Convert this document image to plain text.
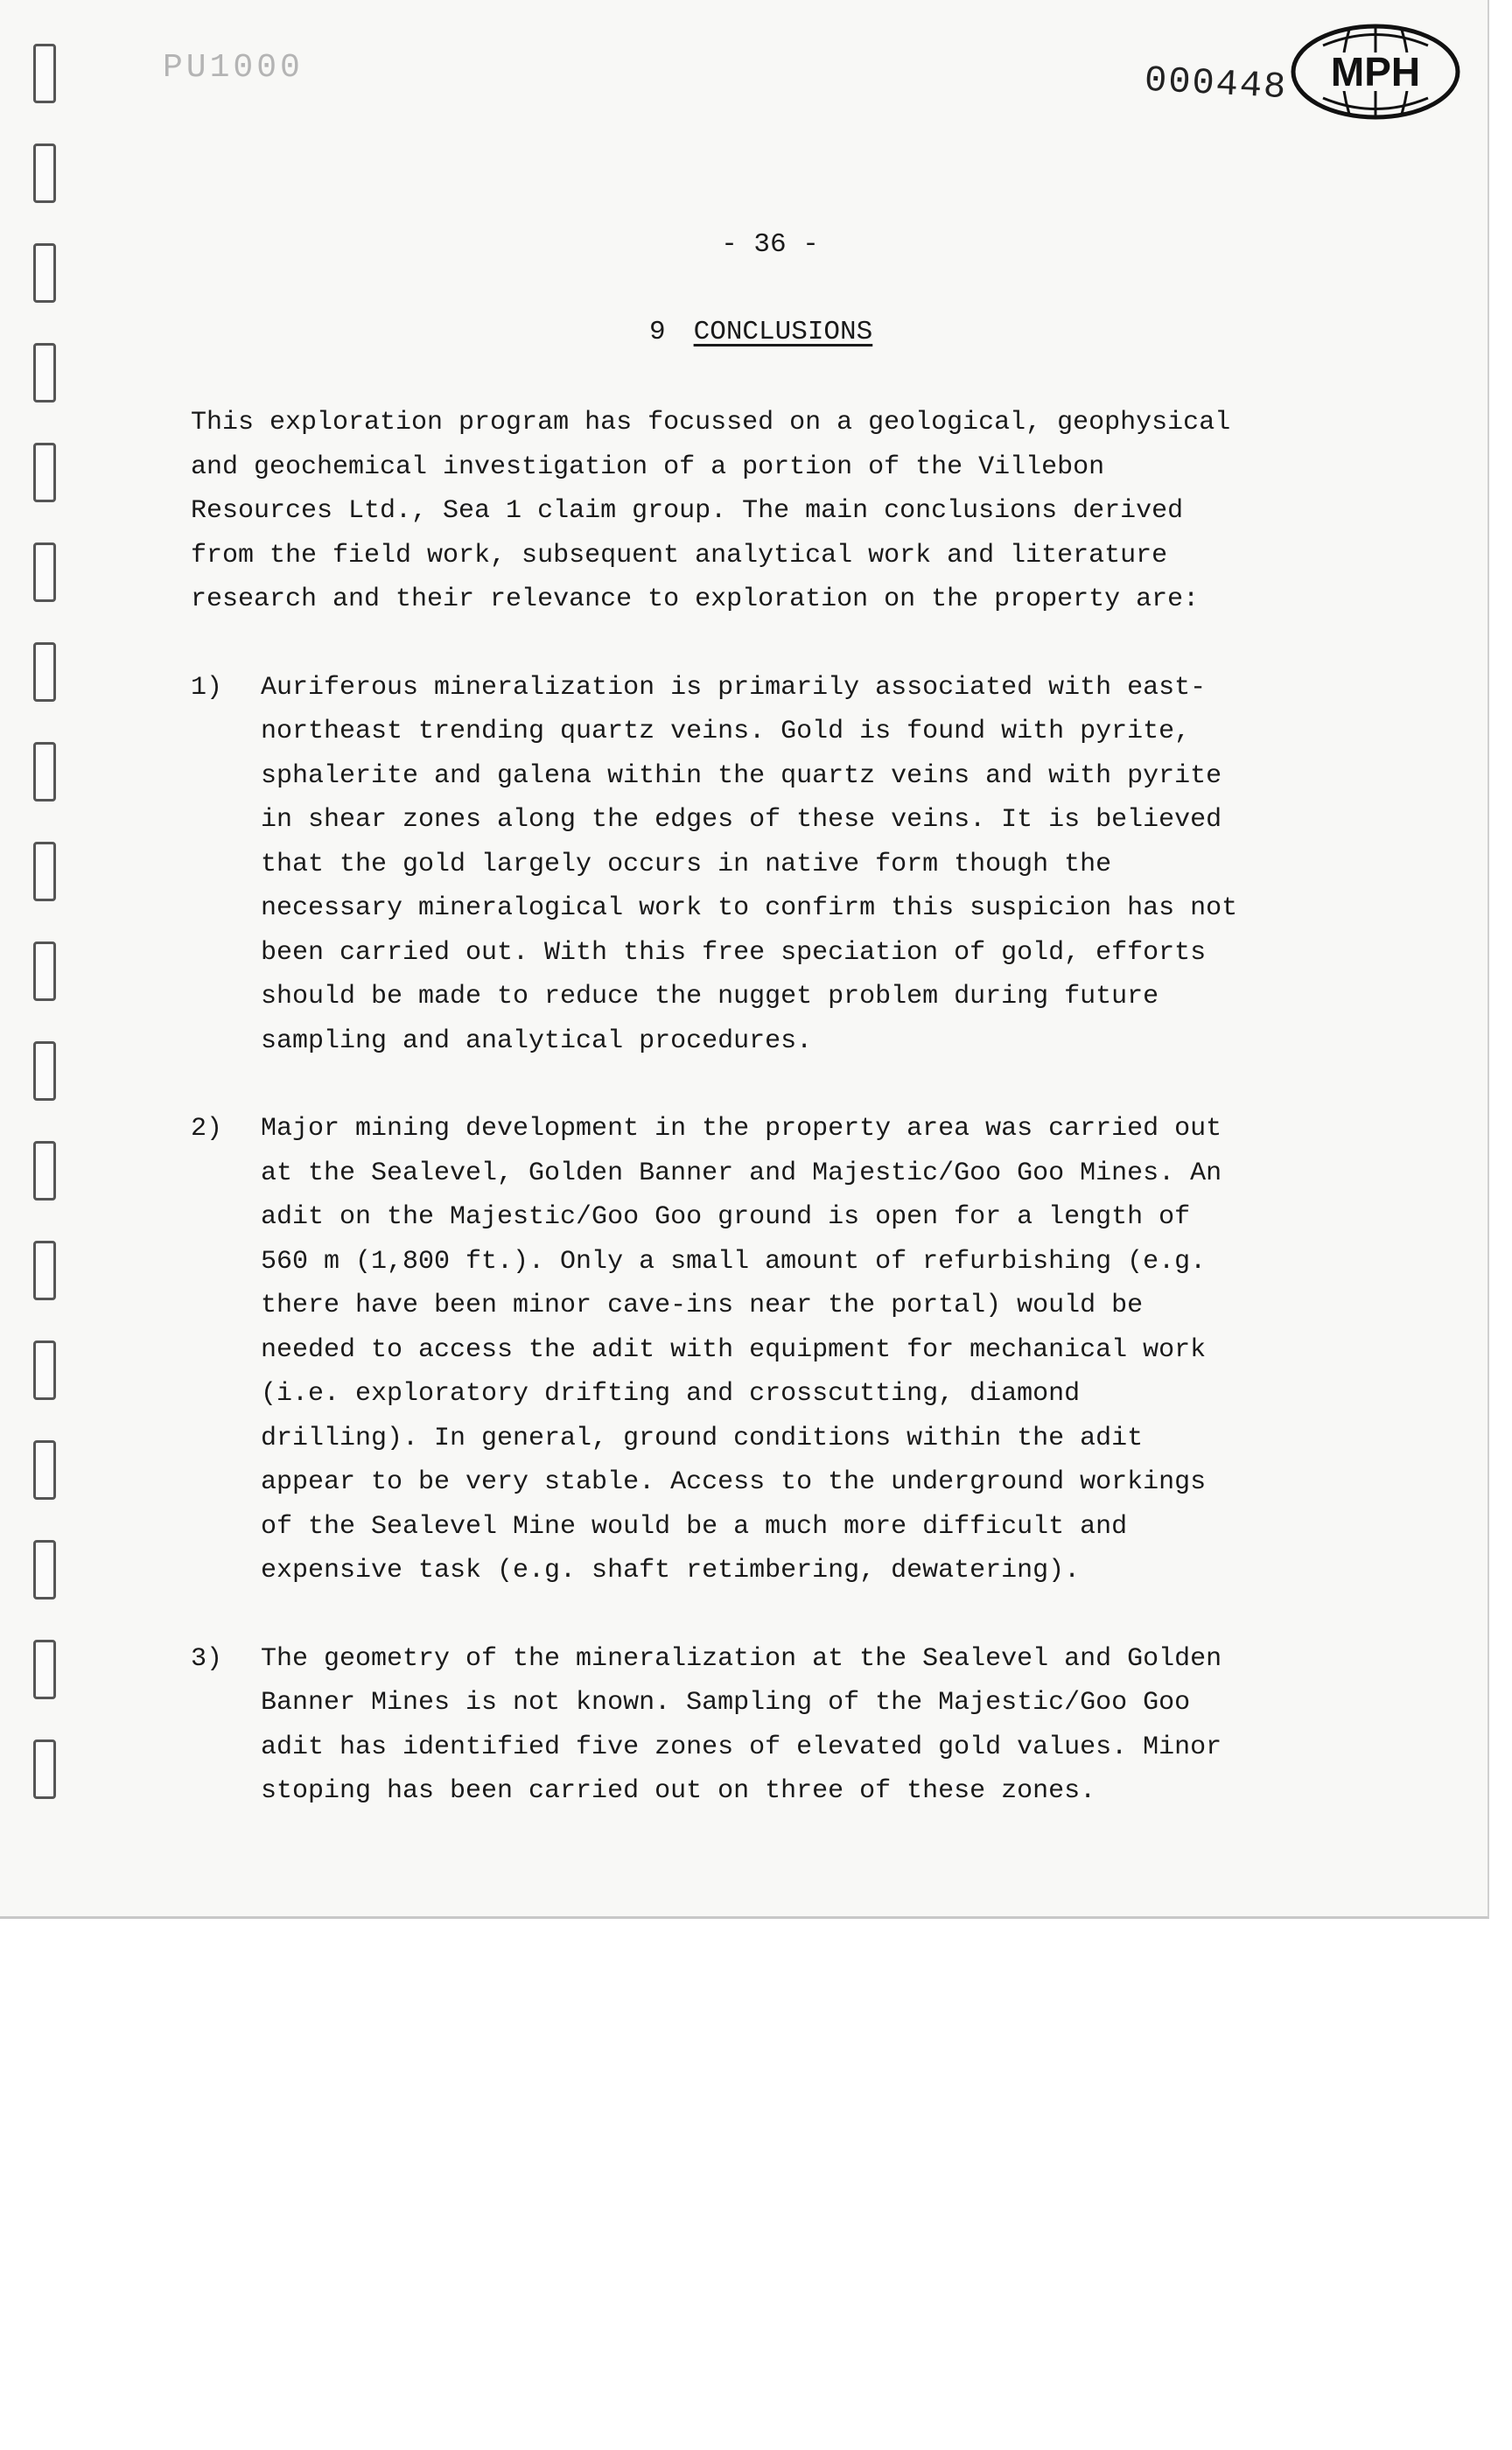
PU1000	000448 MPH
- 36 -
9 CONCLUSIONS

This exploration program has focussed on a geological, geophysical
and geochemical investigation of a portion of the Villebon
Resources Ltd., Sea 1 claim group. The main conclusions derived
from the field work, subsequent analytical work and literature
research and their relevance to exploration on the property are:

1)	Auriferous mineralization is primarily associated with east-
northeast trending quartz veins. Gold is found with pyrite,
sphalerite and galena within the quartz veins and with pyrite
in shear zones along the edges of these veins. It is believed
that the gold largely occurs in native form though the
necessary mineralogical work to confirm this suspicion has not
been carried out. With this free speciation of gold, efforts
should be made to reduce the nugget problem during future
sampling and analytical procedures.
2)	Major mining development in the property area was carried out
at the Sealevel, Golden Banner and Majestic/Goo Goo Mines. An
adit on the Majestic/Goo Goo ground is open for a length of
560 m (1,800 ft.). Only a small amount of refurbishing (e.g.
there have been minor cave-ins near the portal) would be
needed to access the adit with equipment for mechanical work
(i.e. exploratory drifting and crosscutting, diamond
drilling). In general, ground conditions within the adit
appear to be very stable. Access to the underground workings
of the Sealevel Mine would be a much more difficult and
expensive task (e.g. shaft retimbering, dewatering).
3)	The geometry of the mineralization at the Sealevel and Golden
Banner Mines is not known. Sampling of the Majestic/Goo Goo
adit has identified five zones of elevated gold values. Minor
stoping has been carried out on three of these zones.
